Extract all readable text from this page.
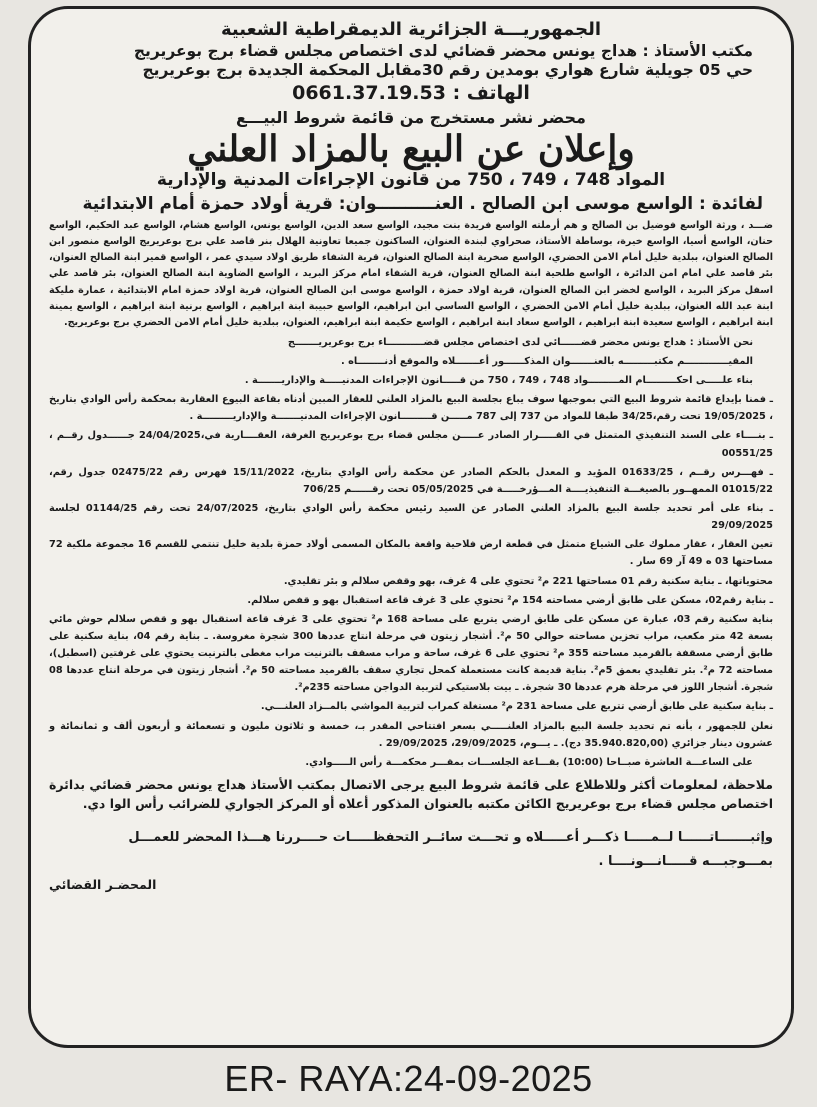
الجمهوريـــة الجزائرية الديمقراطية الشعبية
مكتب الأستاذ : هداج يونس محضر قضائي لدى اختصاص مجلس قضاء برج بوعريريج
حي 05 جويلية شارع هواري بومدين رقم 30مقابل المحكمة الجديدة برج بوعريريج
الهاتف : 0661.37.19.53
محضر نشر مستخرج من قائمة شروط البيـــع
وإعلان عن البيع بالمزاد العلني
المواد 748 ، 749 ، 750 من قانون الإجراءات المدنية والإدارية
لفائدة : الواسع موسى ابن الصالح . العنــــــــــوان: قرية أولاد حمزة أمام الابتدائية

ضـــد ، ورثة الواسع فوضيل بن الصالح و هم أرملته الواسع فريدة بنت مجيد، الواسع سعد الدين، الواسع يونس، الواسع هشام، الواسع عبد الحكيم، الواسع حنان، الواسع أسيا، الواسع خيرة، بوساطة الأستاذ، صحراوي لبندة العنوان، الساكنون جميعا تعاونية الهلال بنر قاصد علي برج بوعريريج الواسع منصور ابن الصالح العنوان، ببلدية خليل أمام الامن الحضري، الواسع صخرية ابنة الصالح العنوان، قرية الشفاء طريق اولاد سيدي عمر ، الواسع قمير ابنة الصالح العنوان، بئر قاصد علي امام امن الدائرة ، الواسع طلحية ابنة الصالح العنوان، قرية الشفاء امام مركز البريد ، الواسع الضاوية ابنة الصالح العنوان، بئر قاصد علي اسفل مركز البريد ، الواسع لخضر ابن الصالح العنوان، قرية اولاد حمزة ، الواسع موسى ابن الصالح العنوان، قرية اولاد حمزة امام الابتدائية ، عمارة مليكة ابنة عبد الله العنوان، ببلدية خليل أمام الامن الحضري ، الواسع الساسي ابن ابراهيم، الواسع حبيبة ابنة ابراهيم ، الواسع برنية ابنة ابراهيم ، الواسع يمينة ابنة ابراهيم ، الواسع سعيدة ابنة ابراهيم ، الواسع سعاد ابنة ابراهيم ، الواسع حكيمة ابنة ابراهيم، العنوان، ببلدية خليل أمام الامن الحضري برج بوعريريج.

نحن الأستاذ : هداج يونس محضر قضــــــائي لدى اختصاص مجلس قضـــــــــــاء برج بوعريريـــــــج

المقيـــــــــــــم مكتبـــــــــه بالعنـــــــوان المذكــــــور أعـــــــلاه والموقع أدنــــــــاه .

بناء علـــــى احكـــــــــام المـــــــــواد 748 ، 749 ، 750 من قـــــانون الإجراءات المدنيـــــة والإداريـــــــة .

ـ فمنا بإيداع قائمة شروط البيع التي بموجبها سوف يباع بجلسة البيع بالمزاد العلني للعقار المبين أدناه بقاعة البيوع العقارية بمحكمة رأس الوادي بتاريخ ، 19/05/2025 تحت رقم،34/25 طبقا للمواد من 737 إلى 787 مـــــن قـــــــــانون الإجراءات المدنيـــــــة والإداريـــــــــة .

ـ بنــــاء على السند التنفيذي المتمثل في القـــــرار الصادر عـــــن مجلس قضاء برج بوعريريج الغرفة، العقــــارية في،24/04/2025 جــــــدول رقــم ، 00551/25

ـ فهـــرس رقــم ، 01633/25 المؤيد و المعدل بالحكم الصادر عن محكمة رأس الوادي بتاريخ، 15/11/2022 فهرس رقم 02475/22 جدول رقم، 01015/22 الممهــور بالصيغـــة التنفيذيــــة المـــؤرخـــــة في 05/05/2025 تحت رقــــــم 706/25

ـ بناء على أمر تحديد جلسة البيع بالمزاد العلني الصادر عن السيد رئيس محكمة رأس الوادي بتاريخ، 24/07/2025 تحت رقم 01144/25 لجلسة 29/09/2025

تعين العقار ، عقار مملوك على الشياع متمثل في قطعة ارض فلاحية واقعة بالمكان المسمى أولاد حمزة بلدية خليل تنتمي للقسم 16 مجموعة ملكية 72 مساحتها 03 ه 49 آر 69 سار .

محتوياتها، ـ بناية سكنية رقم 01 مساحتها 221 م² تحتوي على 4 غرف، بهو وقفص سلالم و بئر تقليدي.

ـ بناية رقم02، مسكن على طابق أرضي مساحته 154 م² تحتوي على 3 غرف قاعة استقبال بهو و قفص سلالم.

بناية سكنية رقم 03، عبارة عن مسكن على طابق ارضي يتربع على مساحة 168 م² تحتوي على 3 غرف قاعة استقبال بهو و قفص سلالم حوش مائي بسعة 42 متر مكعب، مراب تخزين مساحته حوالي 50 م². أشجار زيتون في مرحلة انتاج عددها 300 شجرة مغروسة. ـ بناية رقم 04، بناية سكنية على طابق أرضي مسقفة بالقرميد مساحته 355 م² تحتوي على 6 غرف، ساحة و مراب مسقف بالترنيت مراب مغطى بالترنيت يحتوي على غرفتين (اسطبل)، مساحته 72 م². بئر تقليدي بعمق 5م². بناية قديمة كانت مستعملة كمحل تجاري سقف بالقرميد مساحته 50 م². أشجار زيتون في مرحلة انتاج عددها 08 شجرة. أشجار اللوز في مرحلة هرم عددها 30 شجرة. ـ بيت بلاستيكي لتربية الدواجن مساحته 235م².

ـ بناية سكنية على طابق أرضي تتربع على مساحة 231 م² مستغلة كمراب لتربية المواشي بالمــزاد العلنـــي.

نعلن للجمهور ، بأنه تم تحديد جلسة البيع بالمزاد العلنـــــي بسعر افتتاحي المقدر بـ، خمسة و ثلاثون مليون و تسعمائة و أربعون ألف و ثمانمائة و عشرون دينار جزائري (35.940.820,00 دج). ـ يـــوم، 29/09/2025، 29/09/2025 .

على الساعـــة العاشرة صبــاحا (10:00) بقـــاعة الجلســـات بمقـــر محكمـــة رأس الـــــوادي.

ملاحظة، لمعلومات أكثر وللاطلاع على قائمة شروط البيع يرجى الاتصال بمكتب الأستاذ هداج يونس محضر قضائي بدائرة اختصاص مجلس قضاء برج بوعريريج الكائن مكتبه بالعنوان المذكور أعلاه أو المركز الجواري للضرائب رأس الوا دي.

وإثبـــــــاتــــــا لــمـــــا ذكـــر أعـــــلاه و تحـــت سائــر التحفظـــــات حــــررنا هـــذا المحضر للعمـــل
بمـــوجبـــه قـــــانـــونــــا .
المحضـر القضائي
ER- RAYA:24-09-2025
